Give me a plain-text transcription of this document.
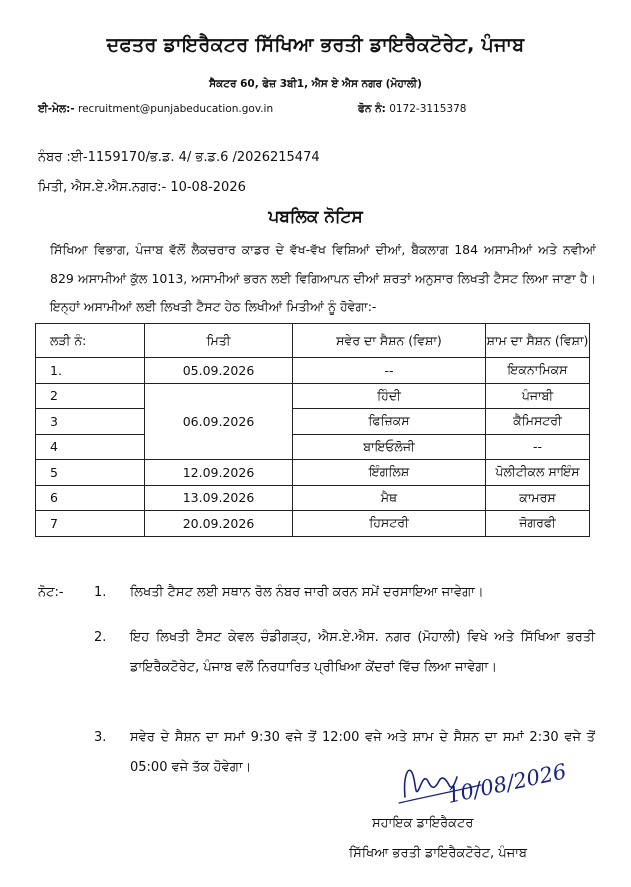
ਦਫਤਰ ਡਾਇਰੈਕਟਰ ਸਿੱਖਿਆ ਭਰਤੀ ਡਾਇਰੈਕਟੋਰੇਟ, ਪੰਜਾਬ
ਸੈਕਟਰ 60, ਫੇਜ਼ 3ਬੀ1, ਐਸ ਏ ਐਸ ਨਗਰ (ਮੋਹਾਲੀ)
ਈ-ਮੇਲ:- recruitment@punjabeducation.gov.in	ਫੋਨ ਨੰ: 0172-3115378
ਨੰਬਰ :ਈ-1159170/ਭ.ਡ. 4/ ਭ.ਡ.6 /2026215474
ਮਿਤੀ, ਐਸ.ਏ.ਐਸ.ਨਗਰ:- 10-08-2026
ਪਬਲਿਕ ਨੋਟਿਸ
ਸਿੱਖਿਆ ਵਿਭਾਗ, ਪੰਜਾਬ ਵੱਲੋਂ ਲੈਕਚਰਾਰ ਕਾਡਰ ਦੇ ਵੱਖ-ਵੱਖ ਵਿਸ਼ਿਆਂ ਦੀਆਂ, ਬੈਕਲਾਗ 184 ਅਸਾਮੀਆਂ ਅਤੇ ਨਵੀਆਂ 829 ਅਸਾਮੀਆਂ ਕੁੱਲ 1013, ਅਸਾਮੀਆਂ ਭਰਨ ਲਈ ਵਿਗਿਆਪਨ ਦੀਆਂ ਸ਼ਰਤਾਂ ਅਨੁਸਾਰ ਲਿਖਤੀ ਟੈਸਟ ਲਿਆ ਜਾਣਾ ਹੈ। ਇਨ੍ਹਾਂ ਅਸਾਮੀਆਂ ਲਈ ਲਿਖਤੀ ਟੈਸਟ ਹੇਠ ਲਿਖੀਆਂ ਮਿਤੀਆਂ ਨੂੰ ਹੋਵੇਗਾ:-
ਲੜੀ ਨੰ:	ਮਿਤੀ	ਸਵੇਰ ਦਾ ਸੈਸ਼ਨ (ਵਿਸ਼ਾ)	ਸ਼ਾਮ ਦਾ ਸੈਸ਼ਨ (ਵਿਸ਼ਾ)
1.	05.09.2026	--	ਇਕਨਾਮਿਕਸ
2	06.09.2026	ਹਿੰਦੀ	ਪੰਜਾਬੀ
3		ਫਿਜ਼ਿਕਸ	ਕੈਮਿਸਟਰੀ
4		ਬਾਇਓਲੋਜੀ	--
5	12.09.2026	ਇੰਗਲਿਸ਼	ਪੋਲੀਟੀਕਲ ਸਾਇੰਸ
6	13.09.2026	ਮੈਥ	ਕਾਮਰਸ
7	20.09.2026	ਹਿਸਟਰੀ	ਜੋਗਰਫੀ
ਨੋਟ:- 1. ਲਿਖਤੀ ਟੈਸਟ ਲਈ ਸਥਾਨ ਰੋਲ ਨੰਬਰ ਜਾਰੀ ਕਰਨ ਸਮੇਂ ਦਰਸਾਇਆ ਜਾਵੇਗਾ।
2. ਇਹ ਲਿਖਤੀ ਟੈਸਟ ਕੇਵਲ ਚੰਡੀਗੜ੍ਹ, ਐਸ.ਏ.ਐਸ. ਨਗਰ (ਮੋਹਾਲੀ) ਵਿਖੇ ਅਤੇ ਸਿੱਖਿਆ ਭਰਤੀ ਡਾਇਰੈਕਟੋਰੇਟ, ਪੰਜਾਬ ਵਲੋਂ ਨਿਰਧਾਰਿਤ ਪ੍ਰੀਖਿਆ ਕੇਂਦਰਾਂ ਵਿੱਚ ਲਿਆ ਜਾਵੇਗਾ।
3. ਸਵੇਰ ਦੇ ਸੈਸ਼ਨ ਦਾ ਸਮਾਂ 9:30 ਵਜੇ ਤੋਂ 12:00 ਵਜੇ ਅਤੇ ਸ਼ਾਮ ਦੇ ਸੈਸ਼ਨ ਦਾ ਸਮਾਂ 2:30 ਵਜੇ ਤੋਂ 05:00 ਵਜੇ ਤੱਕ ਹੋਵੇਗਾ।	10/08/2026
ਸਹਾਇਕ ਡਾਇਰੈਕਟਰ
ਸਿੱਖਿਆ ਭਰਤੀ ਡਾਇਰੈਕਟੋਰੇਟ, ਪੰਜਾਬ
